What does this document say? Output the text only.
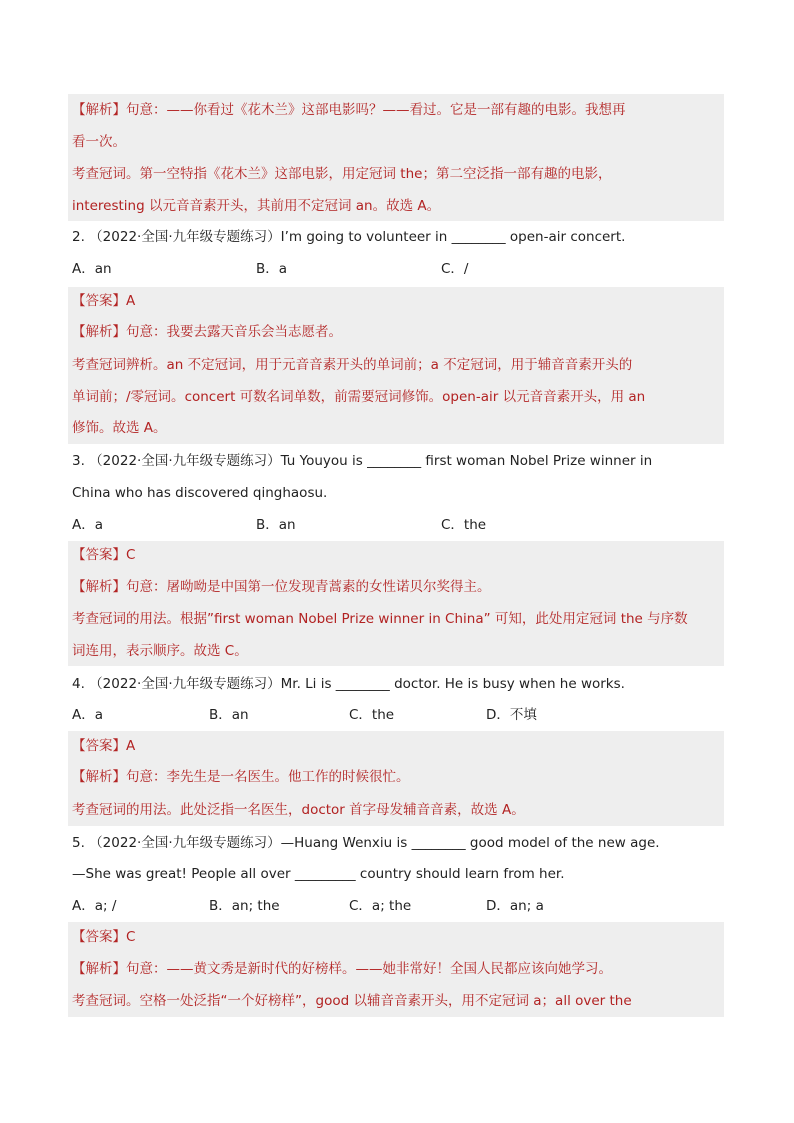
【解析】句意：——你看过《花木兰》这部电影吗？——看过。它是一部有趣的电影。我想再
看一次。
考查冠词。第一空特指《花木兰》这部电影，用定冠词 the；第二空泛指一部有趣的电影，
interesting 以元音音素开头，其前用不定冠词 an。故选 A。
2. （2022·全国·九年级专题练习）I’m going to volunteer in ________ open-air concert.
A．an	B．a	C．/
【答案】A
【解析】句意：我要去露天音乐会当志愿者。
考查冠词辨析。an 不定冠词，用于元音音素开头的单词前；a 不定冠词，用于辅音音素开头的
单词前；/零冠词。concert 可数名词单数，前需要冠词修饰。open-air 以元音音素开头，用 an
修饰。故选 A。
3. （2022·全国·九年级专题练习）Tu Youyou is ________ first woman Nobel Prize winner in
China who has discovered qinghaosu.
A．a	B．an	C．the
【答案】C
【解析】句意：屠呦呦是中国第一位发现青蒿素的女性诺贝尔奖得主。
考查冠词的用法。根据”first woman Nobel Prize winner in China” 可知，此处用定冠词 the 与序数
词连用，表示顺序。故选 C。
4. （2022·全国·九年级专题练习）Mr. Li is ________ doctor. He is busy when he works.
A．a	B．an	C．the	D．不填
【答案】A
【解析】句意：李先生是一名医生。他工作的时候很忙。
考查冠词的用法。此处泛指一名医生，doctor 首字母发辅音音素，故选 A。
5. （2022·全国·九年级专题练习）—Huang Wenxiu is ________ good model of the new age.
—She was great! People all over _________ country should learn from her.
A．a; /	B．an; the	C．a; the	D．an; a
【答案】C
【解析】句意：——黄文秀是新时代的好榜样。——她非常好！全国人民都应该向她学习。
考查冠词。空格一处泛指“一个好榜样”，good 以辅音音素开头，用不定冠词 a；all over the
